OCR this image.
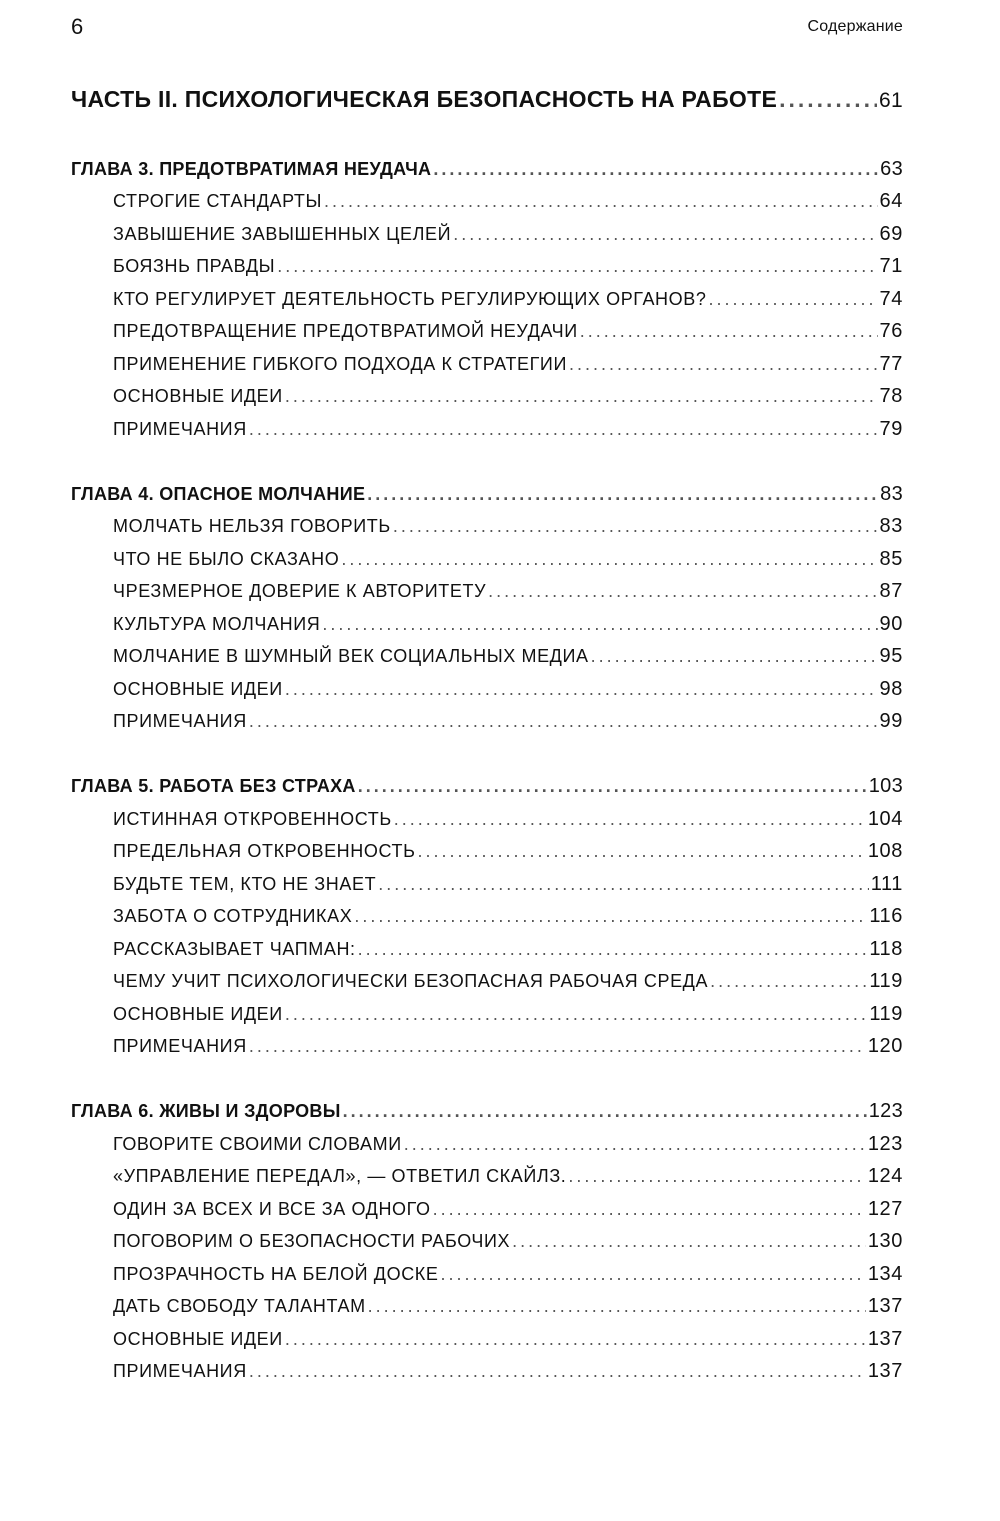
6	Содержание
ЧАСТЬ II. ПСИХОЛОГИЧЕСКАЯ БЕЗОПАСНОСТЬ НА РАБОТЕ .....	61
ГЛАВА 3. ПРЕДОТВРАТИМАЯ НЕУДАЧА .....	63
СТРОГИЕ СТАНДАРТЫ .....	64
ЗАВЫШЕНИЕ ЗАВЫШЕННЫХ ЦЕЛЕЙ .....	69
БОЯЗНЬ ПРАВДЫ .....	71
КТО РЕГУЛИРУЕТ ДЕЯТЕЛЬНОСТЬ РЕГУЛИРУЮЩИХ ОРГАНОВ? .....	74
ПРЕДОТВРАЩЕНИЕ ПРЕДОТВРАТИМОЙ НЕУДАЧИ .....	76
ПРИМЕНЕНИЕ ГИБКОГО ПОДХОДА К СТРАТЕГИИ .....	77
ОСНОВНЫЕ ИДЕИ .....	78
ПРИМЕЧАНИЯ .....	79
ГЛАВА 4. ОПАСНОЕ МОЛЧАНИЕ .....	83
МОЛЧАТЬ НЕЛЬЗЯ ГОВОРИТЬ .....	83
ЧТО НЕ БЫЛО СКАЗАНО .....	85
ЧРЕЗМЕРНОЕ ДОВЕРИЕ К АВТОРИТЕТУ .....	87
КУЛЬТУРА МОЛЧАНИЯ .....	90
МОЛЧАНИЕ В ШУМНЫЙ ВЕК СОЦИАЛЬНЫХ МЕДИА .....	95
ОСНОВНЫЕ ИДЕИ .....	98
ПРИМЕЧАНИЯ .....	99
ГЛАВА 5. РАБОТА БЕЗ СТРАХА .....	103
ИСТИННАЯ ОТКРОВЕННОСТЬ .....	104
ПРЕДЕЛЬНАЯ ОТКРОВЕННОСТЬ .....	108
БУДЬТЕ ТЕМ, КТО НЕ ЗНАЕТ .....	111
ЗАБОТА О СОТРУДНИКАХ .....	116
РАССКАЗЫВАЕТ ЧАПМАН: .....	118
ЧЕМУ УЧИТ ПСИХОЛОГИЧЕСКИ БЕЗОПАСНАЯ РАБОЧАЯ СРЕДА .....	119
ОСНОВНЫЕ ИДЕИ .....	119
ПРИМЕЧАНИЯ .....	120
ГЛАВА 6. ЖИВЫ И ЗДОРОВЫ .....	123
ГОВОРИТЕ СВОИМИ СЛОВАМИ .....	123
«УПРАВЛЕНИЕ ПЕРЕДАЛ», — ОТВЕТИЛ СКАЙЛЗ. .....	124
ОДИН ЗА ВСЕХ И ВСЕ ЗА ОДНОГО .....	127
ПОГОВОРИМ О БЕЗОПАСНОСТИ РАБОЧИХ .....	130
ПРОЗРАЧНОСТЬ НА БЕЛОЙ ДОСКЕ .....	134
ДАТЬ СВОБОДУ ТАЛАНТАМ .....	137
ОСНОВНЫЕ ИДЕИ .....	137
ПРИМЕЧАНИЯ .....	137
